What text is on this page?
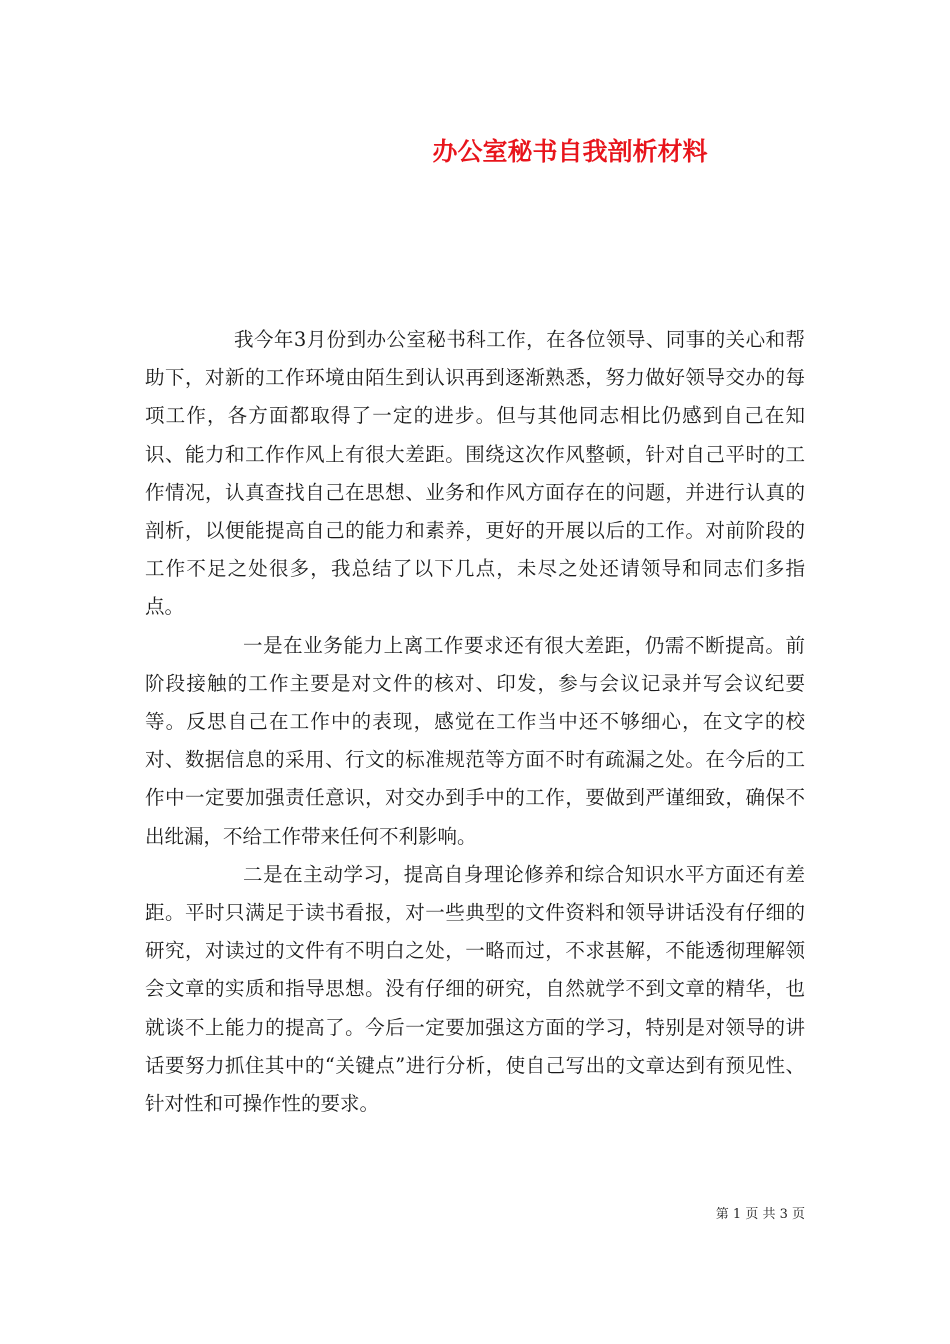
办公室秘书自我剖析材料

我今年3月份到办公室秘书科工作，在各位领导、同事的关心和帮助下，对新的工作环境由陌生到认识再到逐渐熟悉，努力做好领导交办的每项工作，各方面都取得了一定的进步。但与其他同志相比仍感到自己在知识、能力和工作作风上有很大差距。围绕这次作风整顿，针对自己平时的工作情况，认真查找自己在思想、业务和作风方面存在的问题，并进行认真的剖析，以便能提高自己的能力和素养，更好的开展以后的工作。对前阶段的工作不足之处很多，我总结了以下几点，未尽之处还请领导和同志们多指点。

一是在业务能力上离工作要求还有很大差距，仍需不断提高。前阶段接触的工作主要是对文件的核对、印发，参与会议记录并写会议纪要等。反思自己在工作中的表现，感觉在工作当中还不够细心，在文字的校对、数据信息的采用、行文的标准规范等方面不时有疏漏之处。在今后的工作中一定要加强责任意识，对交办到手中的工作，要做到严谨细致，确保不出纰漏，不给工作带来任何不利影响。

二是在主动学习，提高自身理论修养和综合知识水平方面还有差距。平时只满足于读书看报，对一些典型的文件资料和领导讲话没有仔细的研究，对读过的文件有不明白之处，一略而过，不求甚解，不能透彻理解领会文章的实质和指导思想。没有仔细的研究，自然就学不到文章的精华，也就谈不上能力的提高了。今后一定要加强这方面的学习，特别是对领导的讲话要努力抓住其中的“关键点”进行分析，使自己写出的文章达到有预见性、针对性和可操作性的要求。

第 1 页 共 3 页
